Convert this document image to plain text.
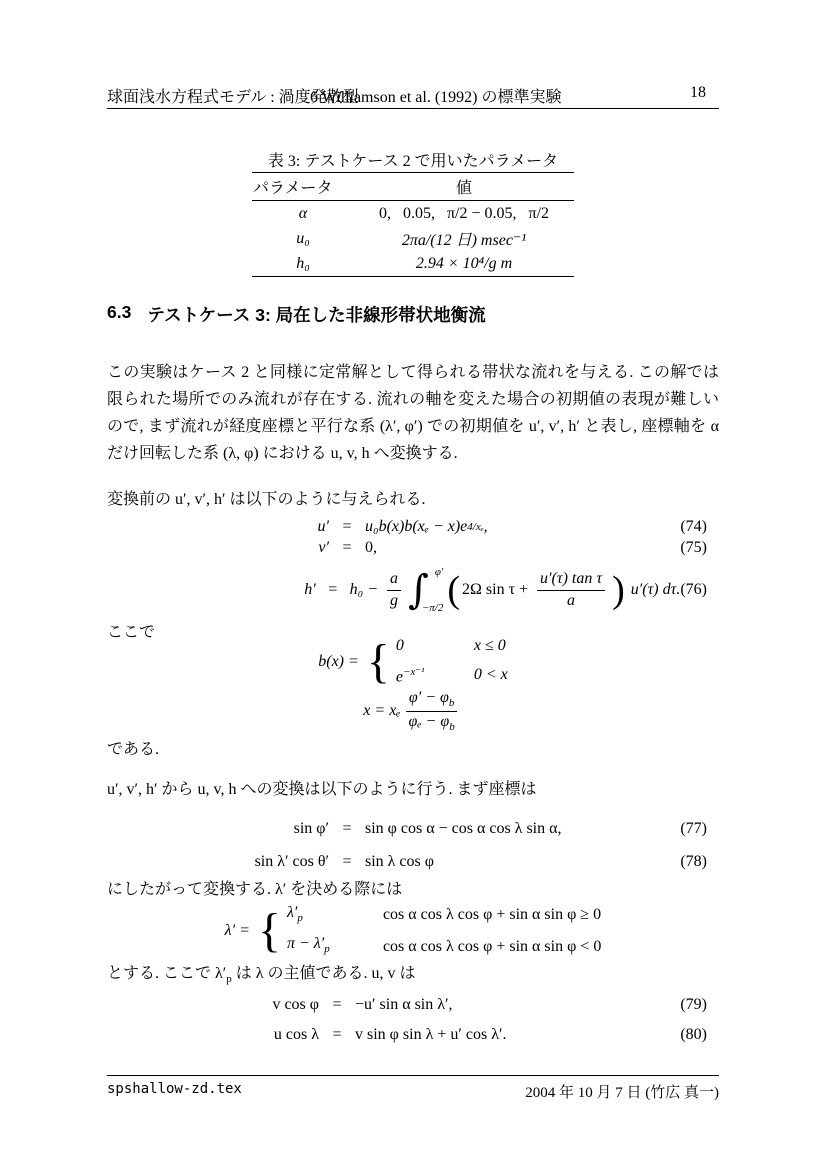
球面浅水方程式モデル : 渦度発散型
6 Williamson et al. (1992) の標準実験	18
表 3: テストケース 2 で用いたパラメータ
パラメータ	値
α	0,   0.05,   π/2 − 0.05,   π/2
u₀	2πa/(12 日) msec⁻¹
h₀	2.94 × 10⁴/g m
6.3 テストケース 3: 局在した非線形帯状地衡流
この実験はケース 2 と同様に定常解として得られる帯状な流れを与える. この解では限られた場所でのみ流れが存在する. 流れの軸を変えた場合の初期値の表現が難しいので, まず流れが経度座標と平行な系 (λ′, φ′) での初期値を u′, v′, h′ と表し, 座標軸を α だけ回転した系 (λ, φ) における u, v, h へ変換する.
変換前の u′, v′, h′ は以下のように与えられる.
u′ = u₀b(x)b(xₑ − x)e 4/xₑ ,	(74)
v′ = 0,	(75)
$h' = h_0 - \frac{a}{g}$ ∫ φ′
−π/2 ( 2Ω $\sin \tau + \frac{\text{u′(τ) tan τ}}{a}$ ) u′(τ) dτ. (76)
ここで
b(x) = { 0	x ≤ 0
$e^{-x^{-1}}$	0 < x
x = xₑ $\frac{\varphi' - \varphi_b}{\varphi_e - \varphi_b}$
である.
u′, v′, h′ から u, v, h への変換は以下のように行う. まず座標は
sin φ′ = sin φ cos α − cos α cos λ sin α,	(77)
sin λ′ cos θ′ = sin λ cos φ	(78)
にしたがって変換する. λ′ を決める際には
λ′ = { $\lambda'_p$	cos α cos λ cos φ + sin α sin φ ≥ 0
$\pi - \lambda'_p$	cos α cos λ cos φ + sin α sin φ < 0
とする. ここで $\lambda'_p$ は λ の主値である. u, v は
v cos φ = −u′ sin α sin λ′,	(79)
u cos λ = v sin φ sin λ + u′ cos λ′.	(80)
spshallow-zd.tex	2004 年 10 月 7 日 (竹広 真一)
